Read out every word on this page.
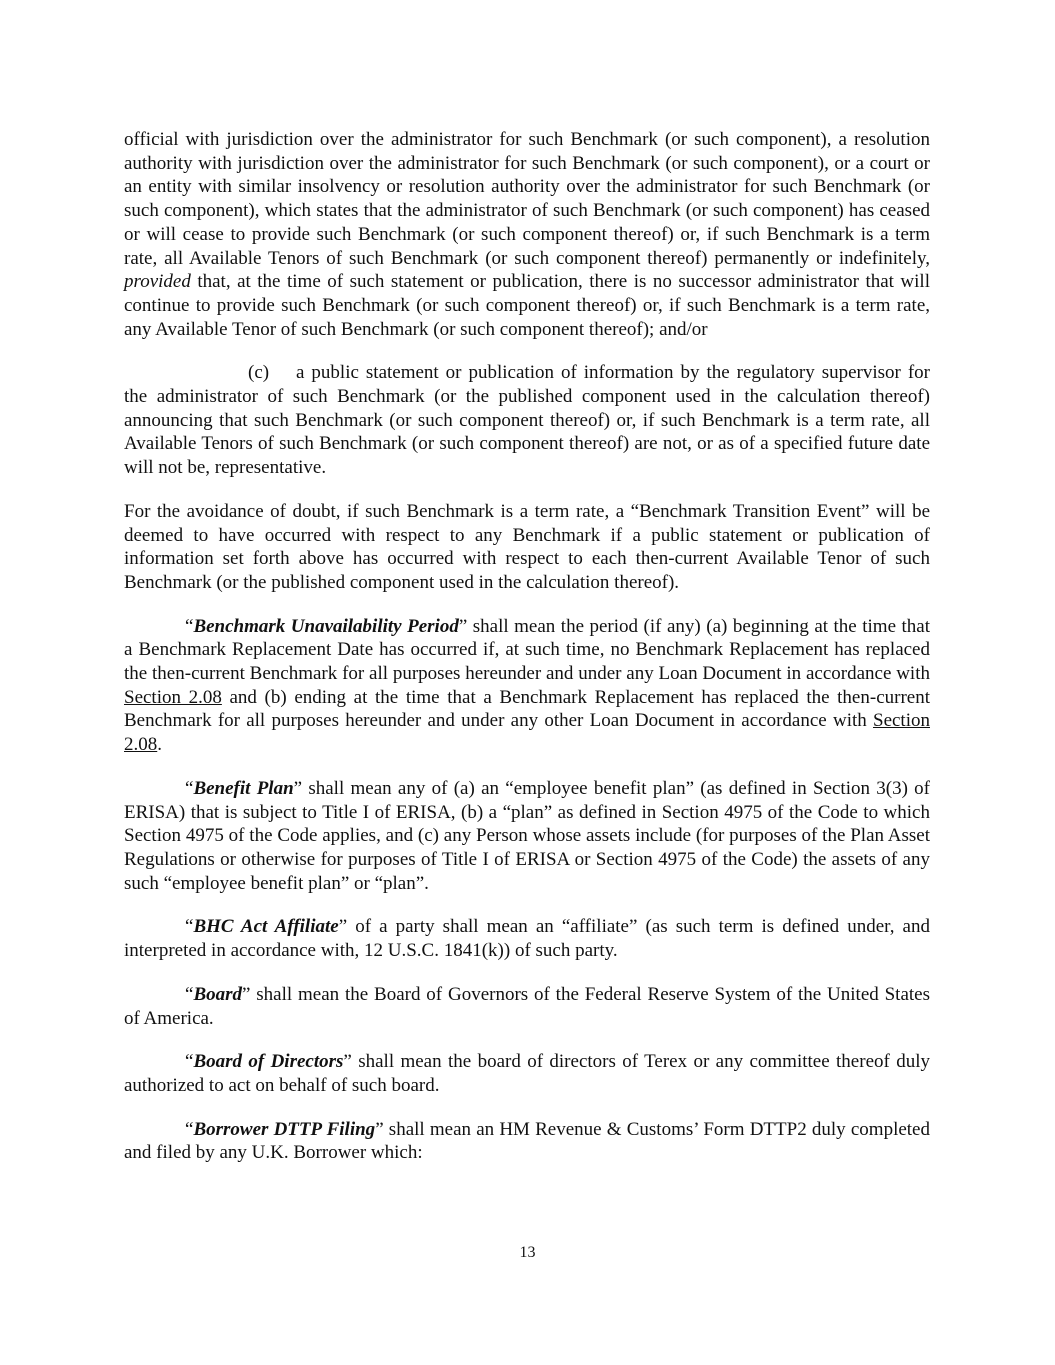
official with jurisdiction over the administrator for such Benchmark (or such component), a resolution authority with jurisdiction over the administrator for such Benchmark (or such component), or a court or an entity with similar insolvency or resolution authority over the administrator for such Benchmark (or such component), which states that the administrator of such Benchmark (or such component) has ceased or will cease to provide such Benchmark (or such component thereof) or, if such Benchmark is a term rate, all Available Tenors of such Benchmark (or such component thereof) permanently or indefinitely, provided that, at the time of such statement or publication, there is no successor administrator that will continue to provide such Benchmark (or such component thereof) or, if such Benchmark is a term rate, any Available Tenor of such Benchmark (or such component thereof); and/or

(c) a public statement or publication of information by the regulatory supervisor for the administrator of such Benchmark (or the published component used in the calculation thereof) announcing that such Benchmark (or such component thereof) or, if such Benchmark is a term rate, all Available Tenors of such Benchmark (or such component thereof) are not, or as of a specified future date will not be, representative.

For the avoidance of doubt, if such Benchmark is a term rate, a “Benchmark Transition Event” will be deemed to have occurred with respect to any Benchmark if a public statement or publication of information set forth above has occurred with respect to each then-current Available Tenor of such Benchmark (or the published component used in the calculation thereof).

“Benchmark Unavailability Period” shall mean the period (if any) (a) beginning at the time that a Benchmark Replacement Date has occurred if, at such time, no Benchmark Replacement has replaced the then-current Benchmark for all purposes hereunder and under any Loan Document in accordance with Section 2.08 and (b) ending at the time that a Benchmark Replacement has replaced the then-current Benchmark for all purposes hereunder and under any other Loan Document in accordance with Section 2.08.

“Benefit Plan” shall mean any of (a) an “employee benefit plan” (as defined in Section 3(3) of ERISA) that is subject to Title I of ERISA, (b) a “plan” as defined in Section 4975 of the Code to which Section 4975 of the Code applies, and (c) any Person whose assets include (for purposes of the Plan Asset Regulations or otherwise for purposes of Title I of ERISA or Section 4975 of the Code) the assets of any such “employee benefit plan” or “plan”.

“BHC Act Affiliate” of a party shall mean an “affiliate” (as such term is defined under, and interpreted in accordance with, 12 U.S.C. 1841(k)) of such party.

“Board” shall mean the Board of Governors of the Federal Reserve System of the United States of America.

“Board of Directors” shall mean the board of directors of Terex or any committee thereof duly authorized to act on behalf of such board.

“Borrower DTTP Filing” shall mean an HM Revenue & Customs’ Form DTTP2 duly completed and filed by any U.K. Borrower which:

13
